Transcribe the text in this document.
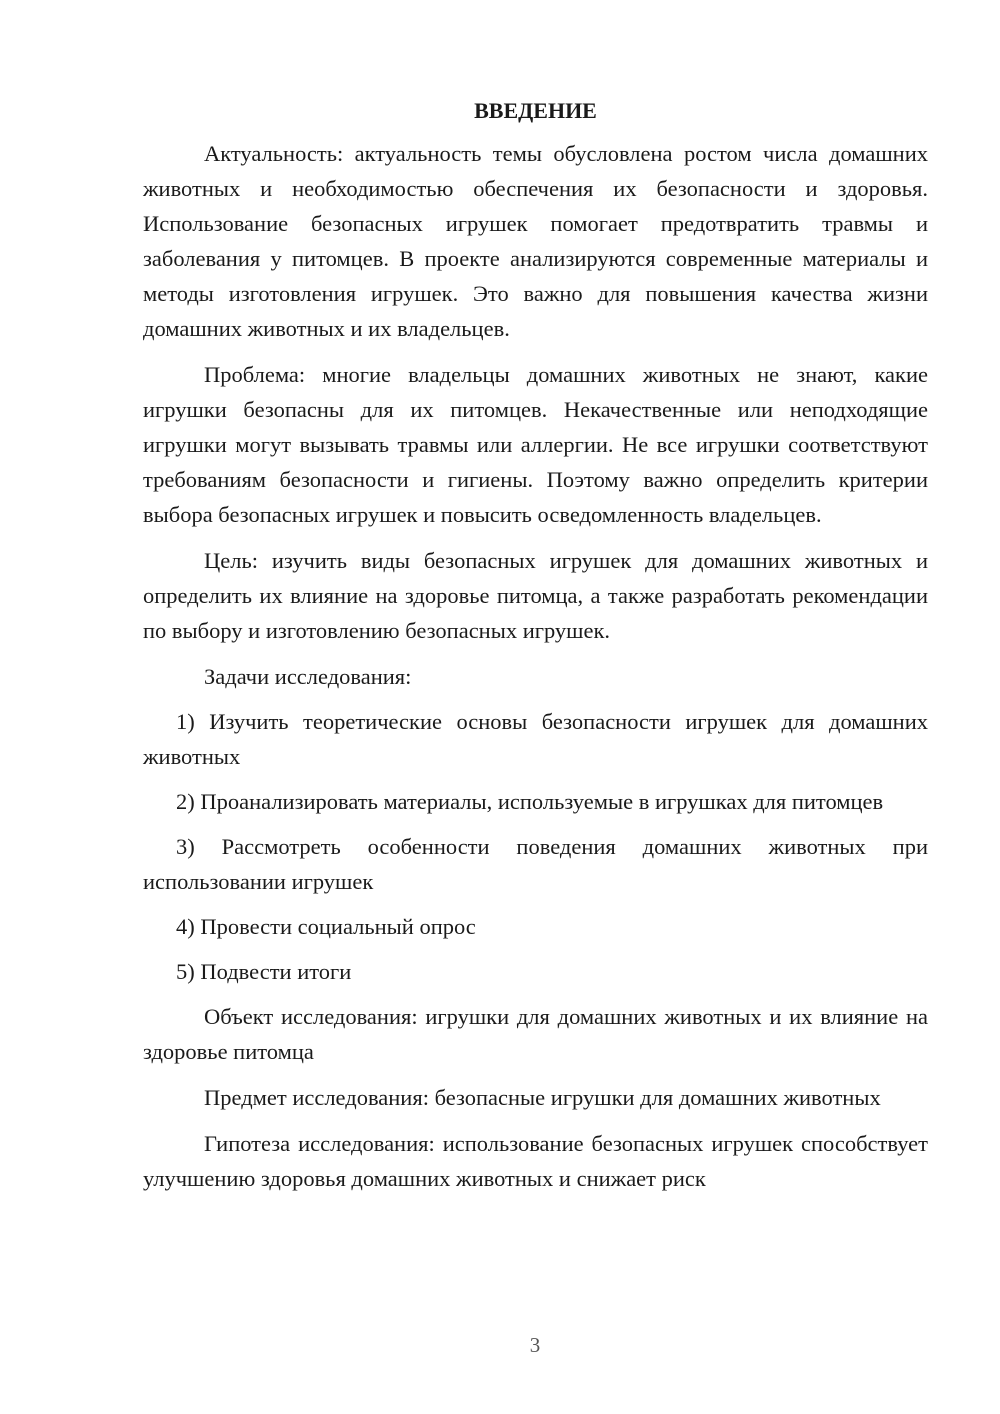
ВВЕДЕНИЕ

Актуальность: актуальность темы обусловлена ростом числа домашних животных и необходимостью обеспечения их безопасности и здоровья. Использование безопасных игрушек помогает предотвратить травмы и заболевания у питомцев. В проекте анализируются современные материалы и методы изготовления игрушек. Это важно для повышения качества жизни домашних животных и их владельцев.

Проблема: многие владельцы домашних животных не знают, какие игрушки безопасны для их питомцев. Некачественные или неподходящие игрушки могут вызывать травмы или аллергии. Не все игрушки соответствуют требованиям безопасности и гигиены. Поэтому важно определить критерии выбора безопасных игрушек и повысить осведомленность владельцев.

Цель: изучить виды безопасных игрушек для домашних животных и определить их влияние на здоровье питомца, а также разработать рекомендации по выбору и изготовлению безопасных игрушек.

Задачи исследования:

1) Изучить теоретические основы безопасности игрушек для домашних животных

2) Проанализировать материалы, используемые в игрушках для питомцев

3) Рассмотреть особенности поведения домашних животных при использовании игрушек

4) Провести социальный опрос

5) Подвести итоги

Объект исследования: игрушки для домашних животных и их влияние на здоровье питомца

Предмет исследования: безопасные игрушки для домашних животных

Гипотеза исследования: использование безопасных игрушек способствует улучшению здоровья домашних животных и снижает риск

3
